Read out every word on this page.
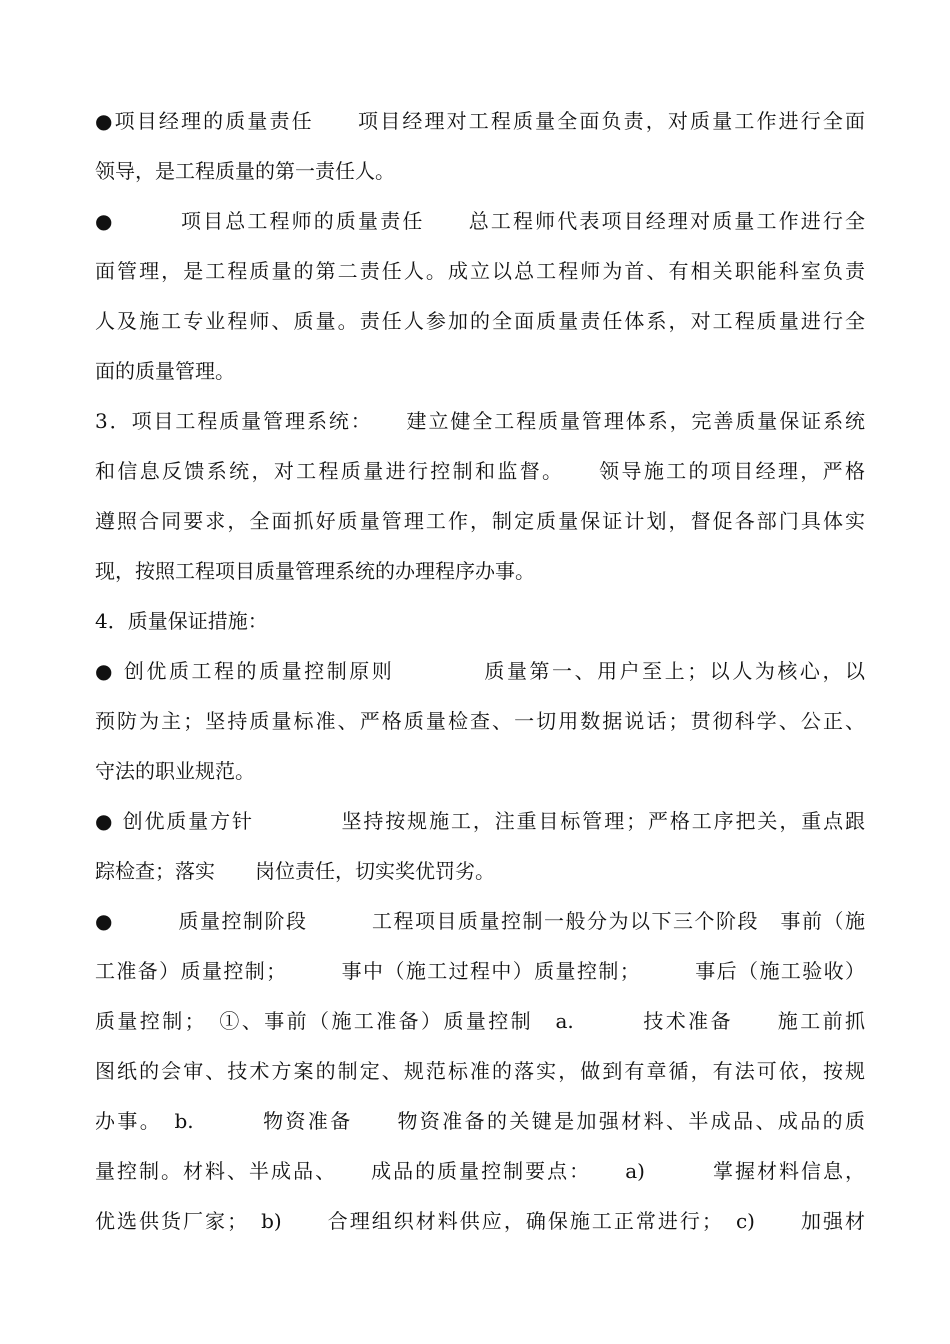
●项目经理的质量责任　　项目经理对工程质量全面负责，对质量工作进行全面
领导，是工程质量的第一责任人。
●　　　项目总工程师的质量责任　　总工程师代表项目经理对质量工作进行全
面管理，是工程质量的第二责任人。成立以总工程师为首、有相关职能科室负责
人及施工专业程师、质量。责任人参加的全面质量责任体系，对工程质量进行全
面的质量管理。
3．项目工程质量管理系统：　　建立健全工程质量管理体系，完善质量保证系统
和信息反馈系统，对工程质量进行控制和监督。　　领导施工的项目经理，严格
遵照合同要求，全面抓好质量管理工作，制定质量保证计划，督促各部门具体实
现，按照工程项目质量管理系统的办理程序办事。
4．质量保证措施：
● 创优质工程的质量控制原则　　　　质量第一、用户至上；以人为核心，以
预防为主；坚持质量标准、严格质量检查、一切用数据说话；贯彻科学、公正、
守法的职业规范。
● 创优质量方针　　　　坚持按规施工，注重目标管理；严格工序把关，重点跟
踪检查；落实　　岗位责任，切实奖优罚劣。
●　　　质量控制阶段　　　工程项目质量控制一般分为以下三个阶段　事前（施
工准备）质量控制；　　　事中（施工过程中）质量控制；　　　事后（施工验收）
质量控制；　①、事前（施工准备）质量控制　a.　　　技术准备　　施工前抓
图纸的会审、技术方案的制定、规范标准的落实，做到有章循，有法可依，按规
办事。　b.　　　物资准备　　物资准备的关键是加强材料、半成品、成品的质
量控制。材料、半成品、　　成品的质量控制要点：　　a)　　　掌握材料信息，
优选供货厂家；　b)　　合理组织材料供应，确保施工正常进行；　c)　　加强材
